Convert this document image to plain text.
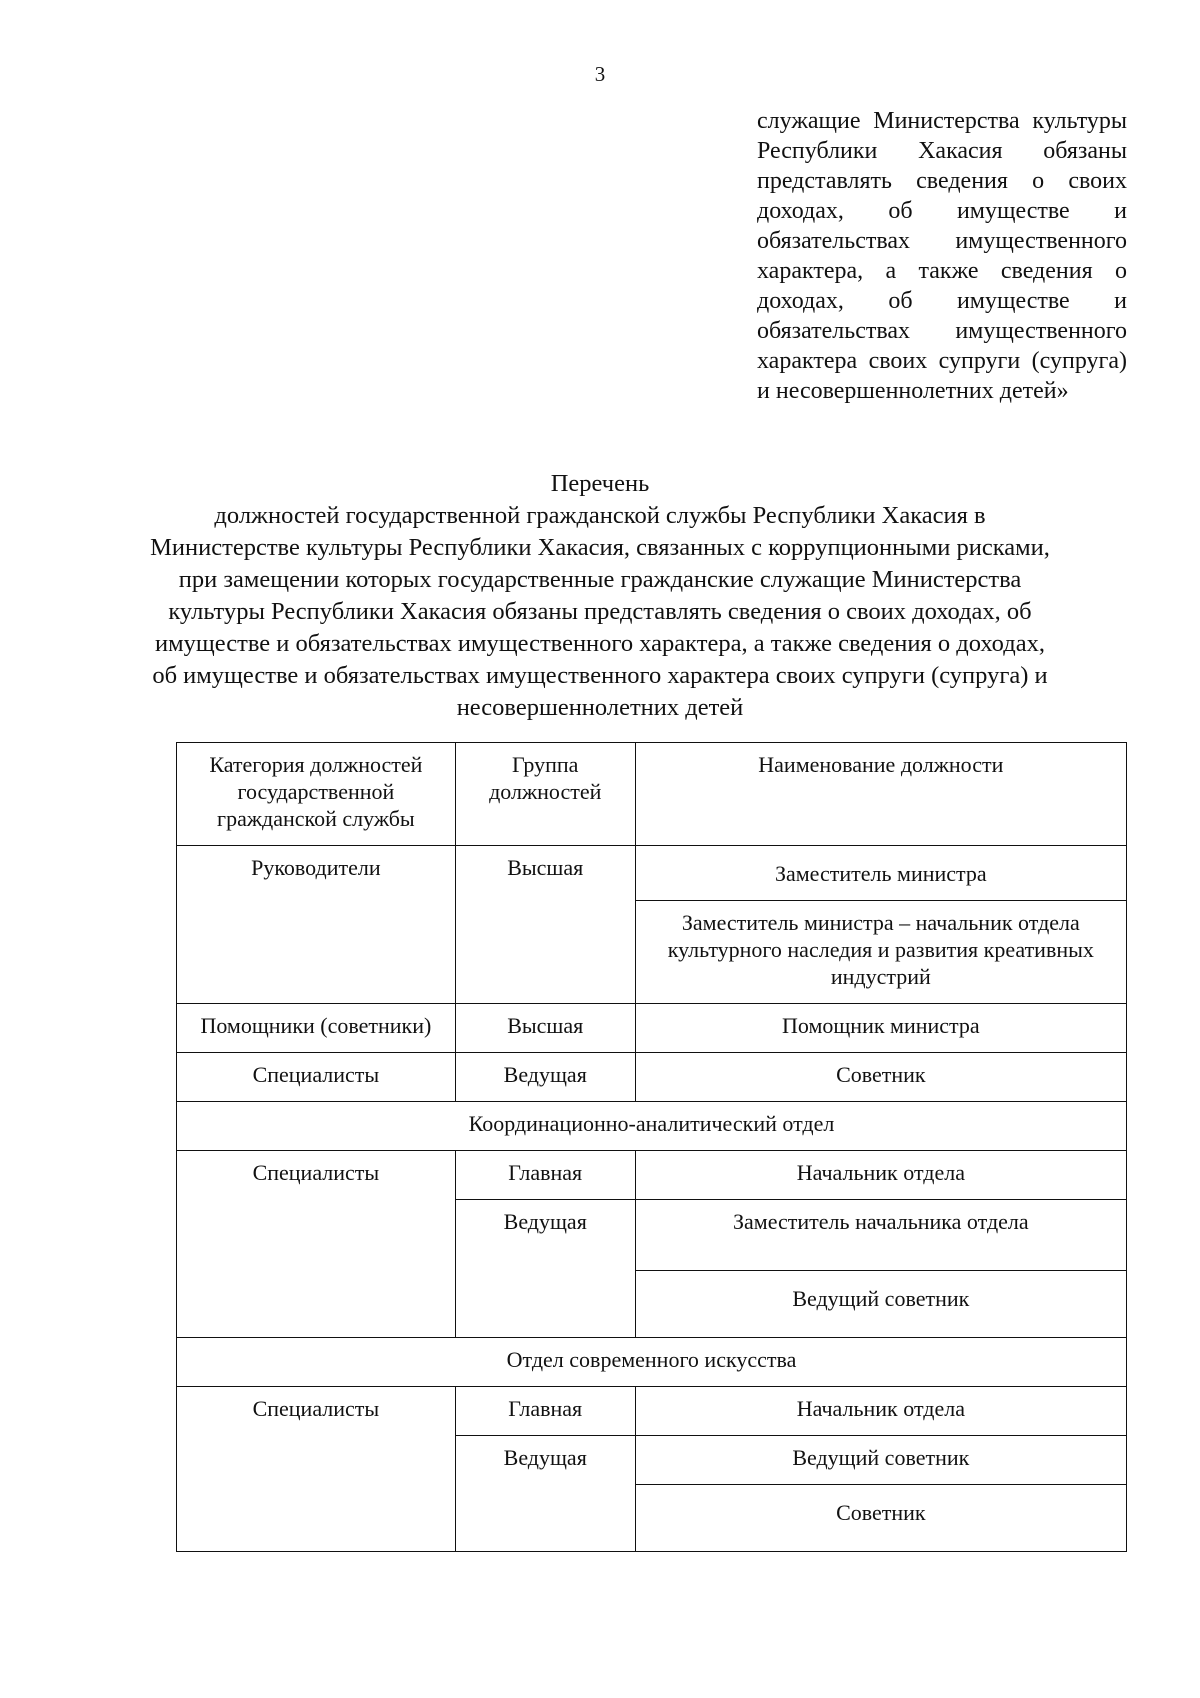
3
служащие Министерства культуры Республики Хакасия обязаны представлять сведения о своих доходах, об имуществе и обязательствах имущественного характера, а также сведения о доходах, об имуществе и обязательствах имущественного характера своих супруги (супруга) и несовершеннолетних детей»
Перечень
должностей государственной гражданской службы Республики Хакасия в Министерстве культуры Республики Хакасия, связанных с коррупционными рисками, при замещении которых государственные гражданские служащие Министерства культуры Республики Хакасия обязаны представлять сведения о своих доходах, об имуществе и обязательствах имущественного характера, а также сведения о доходах, об имуществе и обязательствах имущественного характера своих супруги (супруга) и несовершеннолетних детей
Категория должностей государственной гражданской службы	Группа должностей	Наименование должности
Руководители	Высшая	Заместитель министра
		Заместитель министра – начальник отдела культурного наследия и развития креативных индустрий
Помощники (советники)	Высшая	Помощник министра
Специалисты	Ведущая	Советник
Координационно-аналитический отдел		
Специалисты	Главная	Начальник отдела
	Ведущая	Заместитель начальника отдела
		Ведущий советник
Отдел современного искусства		
Специалисты	Главная	Начальник отдела
	Ведущая	Ведущий советник
		Советник
